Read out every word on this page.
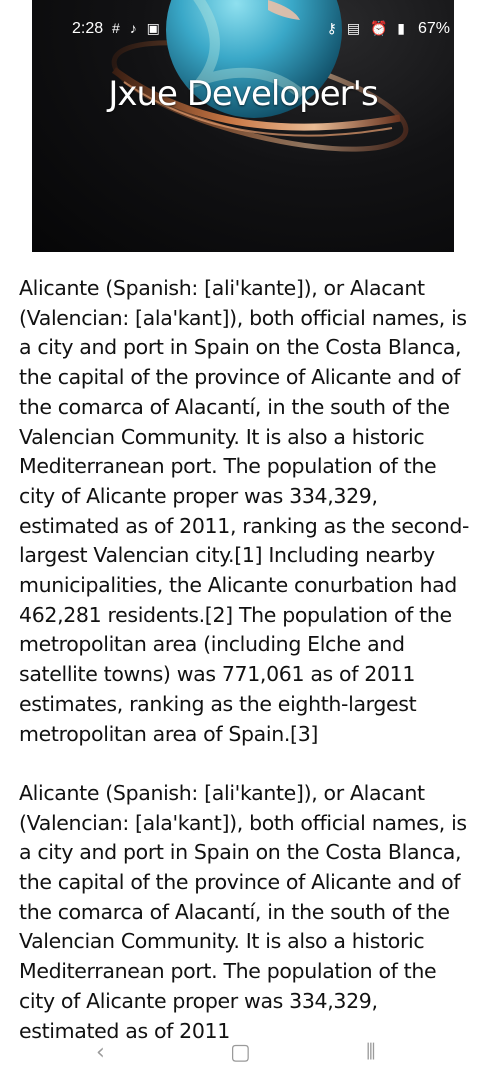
2:28 # ♪ ▣	⚷ ▤ ⏰ ▮ 67%
Jxue Developer's

Alicante (Spanish: [ali'kante]), or Alacant (Valencian: [ala'kant]), both official names, is a city and port in Spain on the Costa Blanca, the capital of the province of Alicante and of the comarca of Alacantí, in the south of the Valencian Community. It is also a historic Mediterranean port. The population of the city of Alicante proper was 334,329, estimated as of 2011, ranking as the second-largest Valencian city.[1] Including nearby municipalities, the Alicante conurbation had 462,281 residents.[2] The population of the metropolitan area (including Elche and satellite towns) was 771,061 as of 2011 estimates, ranking as the eighth-largest metropolitan area of Spain.[3]

Alicante (Spanish: [ali'kante]), or Alacant (Valencian: [ala'kant]), both official names, is a city and port in Spain on the Costa Blanca, the capital of the province of Alicante and of the comarca of Alacantí, in the south of the Valencian Community. It is also a historic Mediterranean port. The population of the city of Alicante proper was 334,329, estimated as of 2011

‹	▢	⦀
